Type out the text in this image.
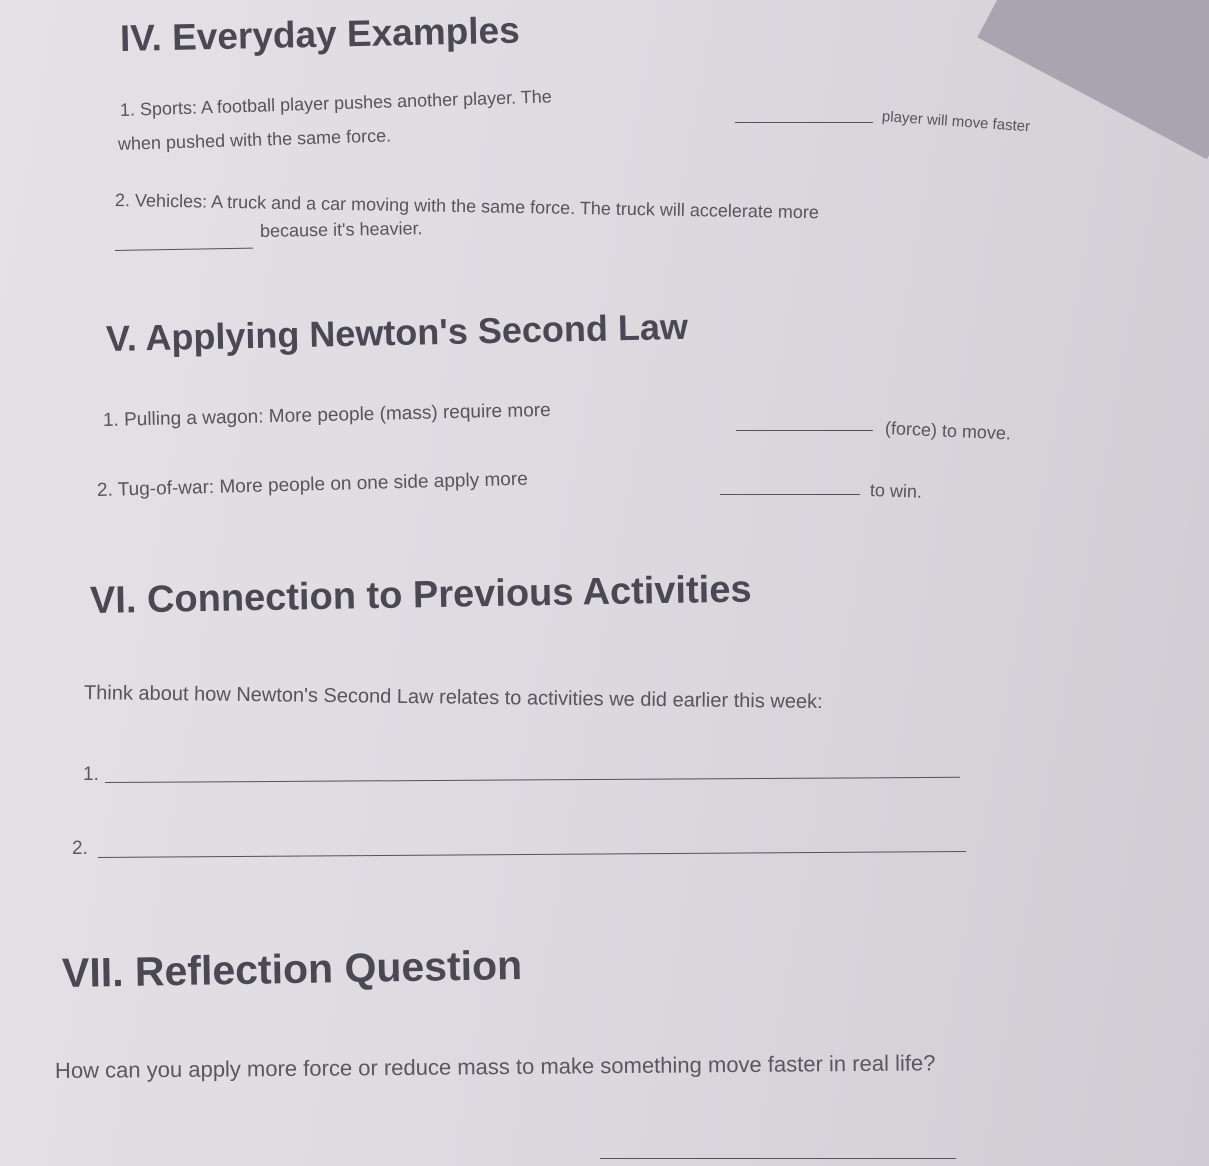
IV. Everyday Examples

1. Sports: A football player pushes another player. The

player will move faster

when pushed with the same force.

2. Vehicles: A truck and a car moving with the same force. The truck will accelerate more

because it's heavier.

V. Applying Newton's Second Law

1. Pulling a wagon: More people (mass) require more	(force) to move.

2. Tug-of-war: More people on one side apply more	to win.

VI. Connection to Previous Activities

Think about how Newton's Second Law relates to activities we did earlier this week:

1.
2.
VII. Reflection Question

How can you apply more force or reduce mass to make something move faster in real life?
